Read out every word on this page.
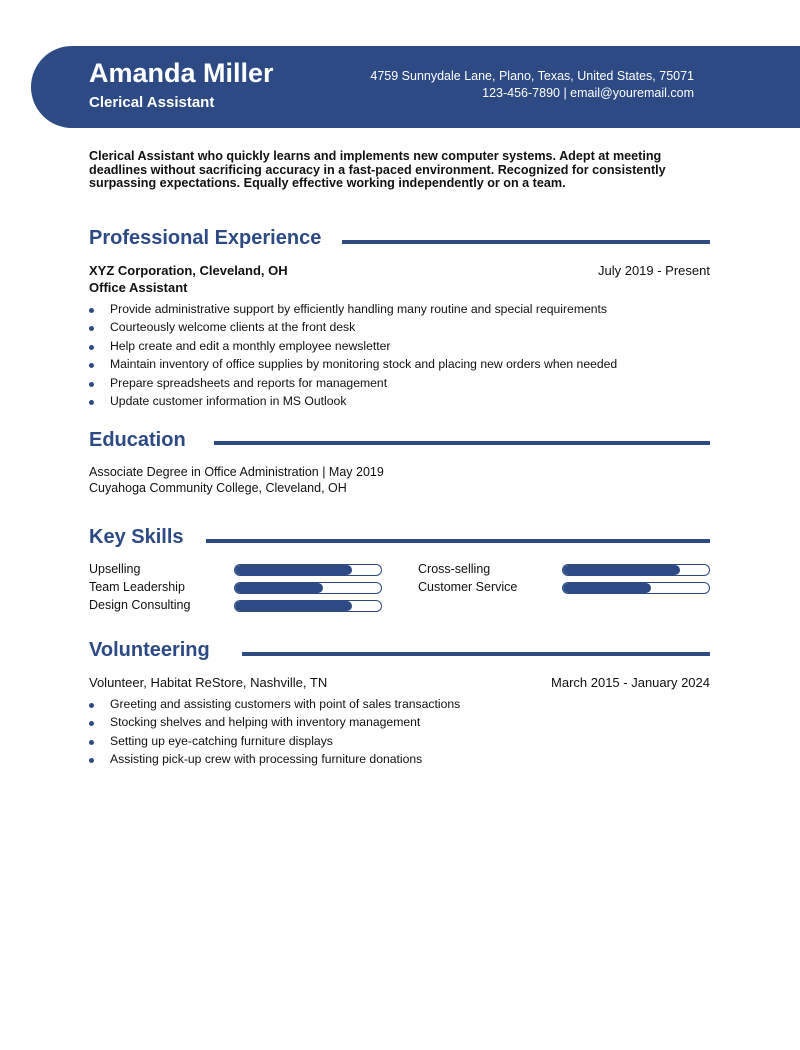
Amanda Miller
Clerical Assistant
4759 Sunnydale Lane, Plano, Texas, United States, 75071
123-456-7890 | email@youremail.com
Clerical Assistant who quickly learns and implements new computer systems. Adept at meeting deadlines without sacrificing accuracy in a fast-paced environment. Recognized for consistently surpassing expectations. Equally effective working independently or on a team.
Professional Experience
XYZ Corporation, Cleveland, OH	July 2019 - Present
Office Assistant
Provide administrative support by efficiently handling many routine and special requirements
Courteously welcome clients at the front desk
Help create and edit a monthly employee newsletter
Maintain inventory of office supplies by monitoring stock and placing new orders when needed
Prepare spreadsheets and reports for management
Update customer information in MS Outlook
Education
Associate Degree in Office Administration | May 2019
Cuyahoga Community College, Cleveland, OH
Key Skills
Upselling	Cross-selling
Team Leadership	Customer Service
Design Consulting
Volunteering
Volunteer, Habitat ReStore, Nashville, TN	March 2015 - January 2024
Greeting and assisting customers with point of sales transactions
Stocking shelves and helping with inventory management
Setting up eye-catching furniture displays
Assisting pick-up crew with processing furniture donations
